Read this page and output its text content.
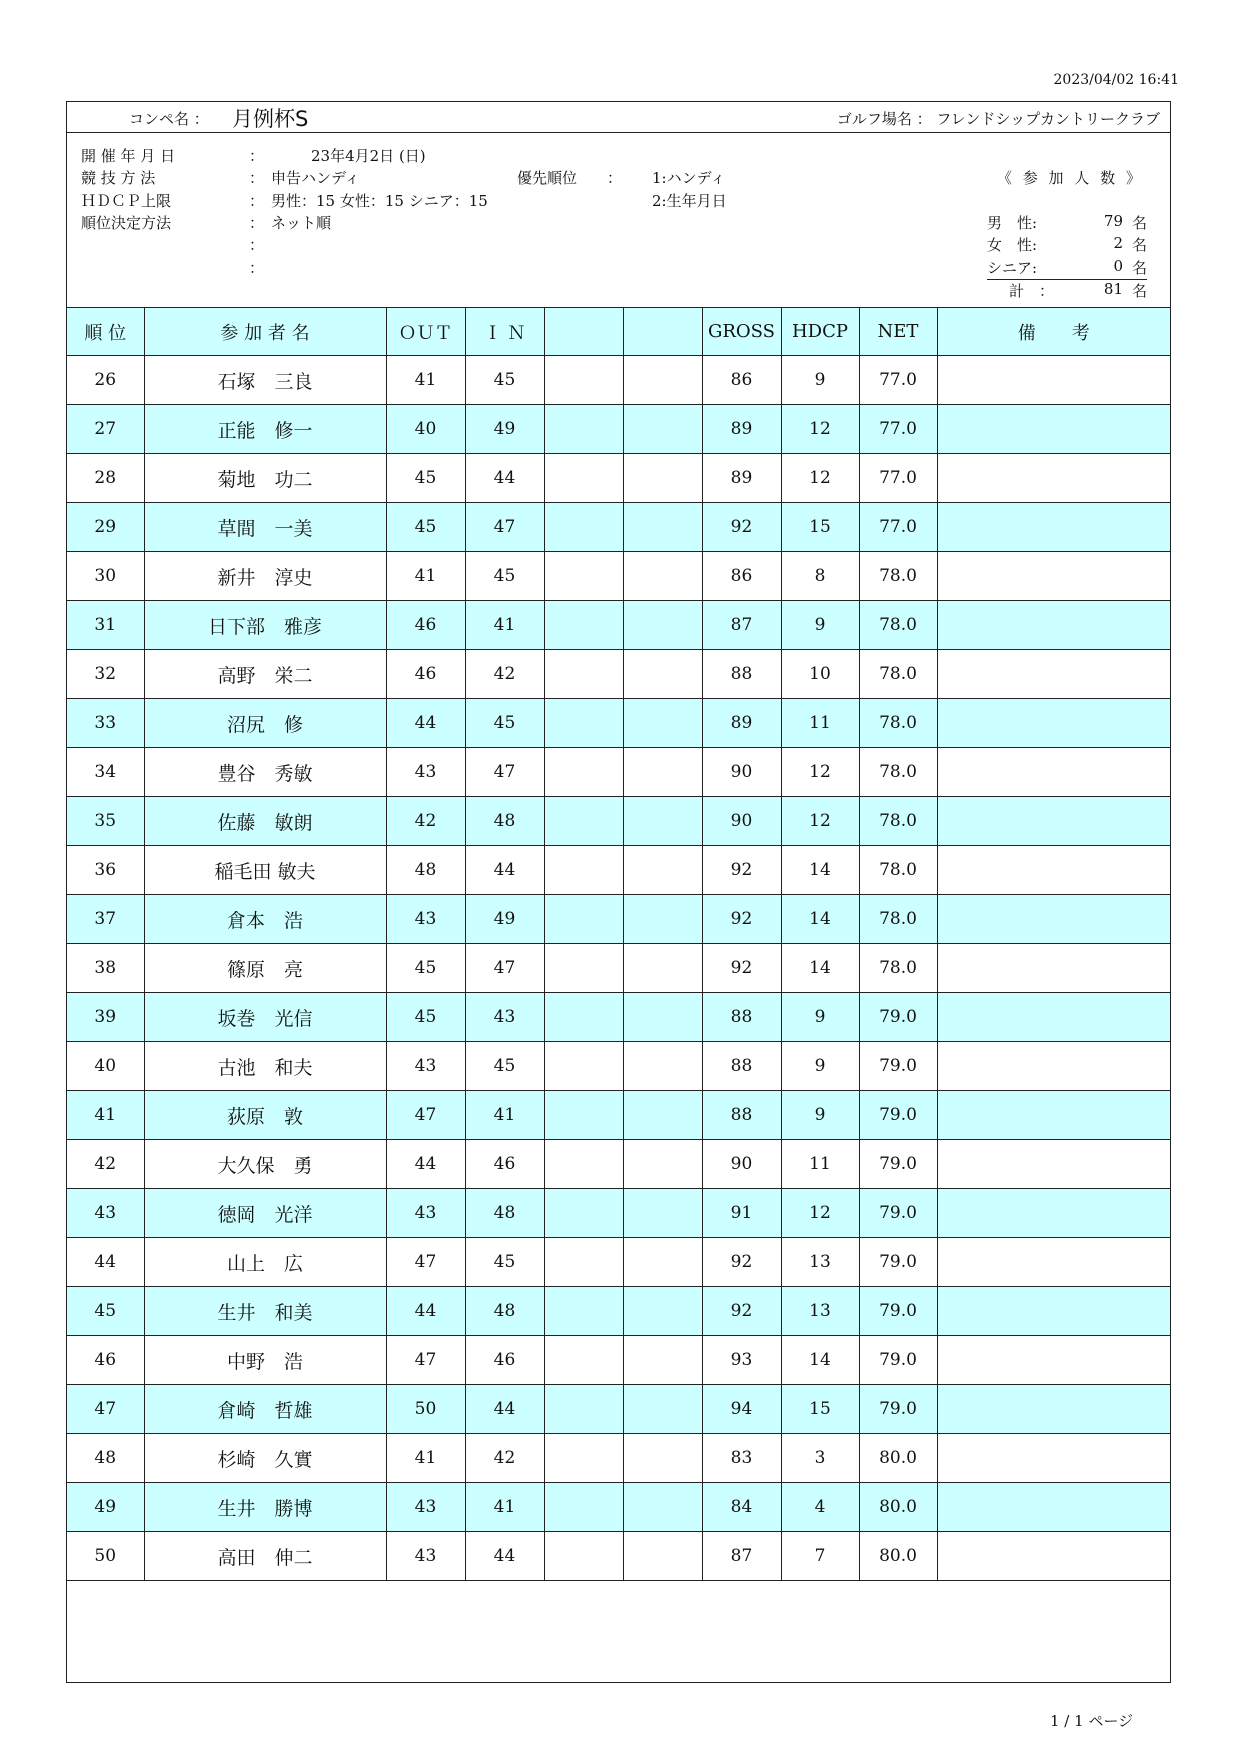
2023/04/02 16:41
コンペ名 ： 月例杯S	ゴルフ場名 ： フレンドシップカントリークラブ
開 催 年 月 日	：	23年4月2日 (日)
競 技 方 法	： 申告ハンディ
ＨＤＣＰ上限	： 男性：15 女性：15 シニア：15
順位決定方法	： ネット順
：
：
優先順位 ： 1:ハンディ
2:生年月日
《 参 加 人 数 》
男　性:	79 名
女　性:	2 名
シニア:	0 名
計　：	81 名
順 位	参 加 者 名	ＯＵＴ	Ｉ Ｎ			GROSS	HDCP	NET	備　　考
26	石塚　三良	41	45			86	9	77.0	
27	正能　修一	40	49			89	12	77.0	
28	菊地　功二	45	44			89	12	77.0	
29	草間　一美	45	47			92	15	77.0	
30	新井　淳史	41	45			86	8	78.0	
31	日下部　雅彦	46	41			87	9	78.0	
32	高野　栄二	46	42			88	10	78.0	
33	沼尻　修	44	45			89	11	78.0	
34	豊谷　秀敏	43	47			90	12	78.0	
35	佐藤　敏朗	42	48			90	12	78.0	
36	稲毛田 敏夫	48	44			92	14	78.0	
37	倉本　浩	43	49			92	14	78.0	
38	篠原　亮	45	47			92	14	78.0	
39	坂巻　光信	45	43			88	9	79.0	
40	古池　和夫	43	45			88	9	79.0	
41	荻原　敦	47	41			88	9	79.0	
42	大久保　勇	44	46			90	11	79.0	
43	徳岡　光洋	43	48			91	12	79.0	
44	山上　広	47	45			92	13	79.0	
45	生井　和美	44	48			92	13	79.0	
46	中野　浩	47	46			93	14	79.0	
47	倉崎　哲雄	50	44			94	15	79.0	
48	杉崎　久實	41	42			83	3	80.0	
49	生井　勝博	43	41			84	4	80.0	
50	高田　伸二	43	44			87	7	80.0	
1 / 1 ページ
